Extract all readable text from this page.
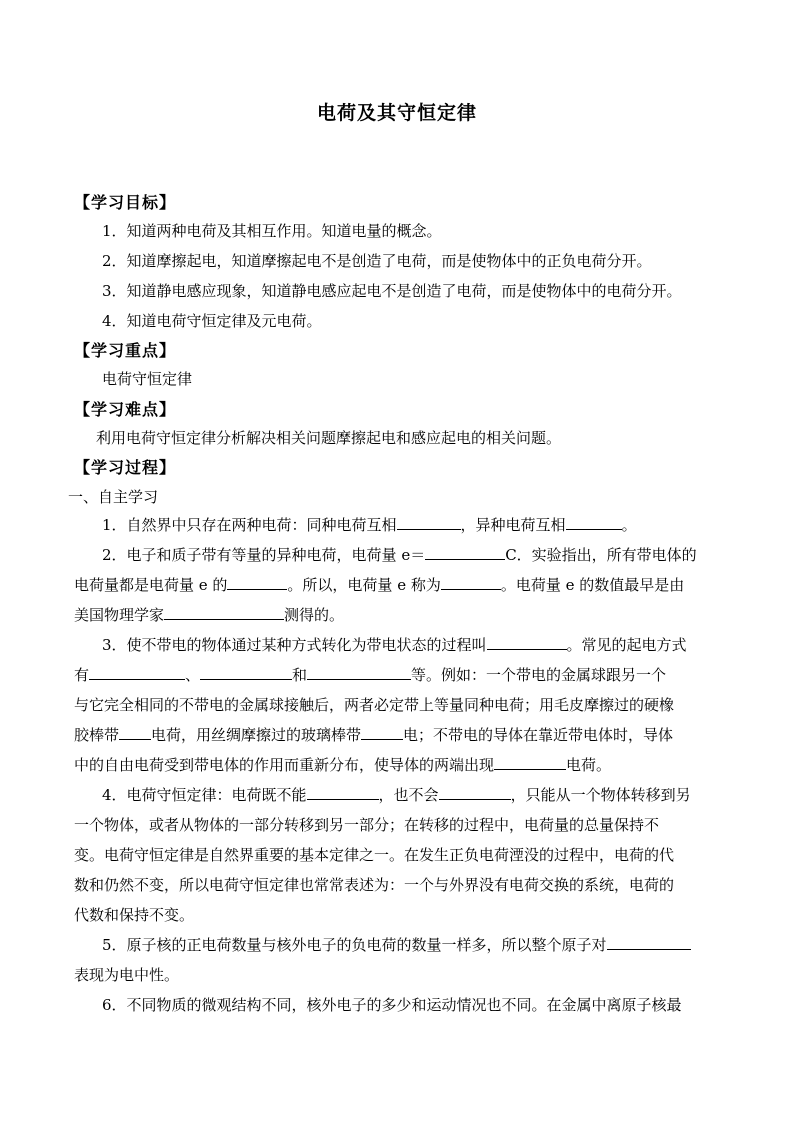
电荷及其守恒定律
【学习目标】
1．知道两种电荷及其相互作用。知道电量的概念。
2．知道摩擦起电，知道摩擦起电不是创造了电荷，而是使物体中的正负电荷分开。
3．知道静电感应现象，知道静电感应起电不是创造了电荷，而是使物体中的电荷分开。
4．知道电荷守恒定律及元电荷。
【学习重点】
电荷守恒定律
【学习难点】
利用电荷守恒定律分析解决相关问题摩擦起电和感应起电的相关问题。
【学习过程】
一、自主学习
1．自然界中只存在两种电荷：同种电荷互相	，异种电荷互相	。
2．电子和质子带有等量的异种电荷，电荷量 e＝	C．实验指出，所有带电体的
电荷量都是电荷量 e 的	。所以，电荷量 e 称为	。电荷量 e 的数值最早是由
美国物理学家	测得的。
3．使不带电的物体通过某种方式转化为带电状态的过程叫	。常见的起电方式
有	、	和	等。例如：一个带电的金属球跟另一个
与它完全相同的不带电的金属球接触后，两者必定带上等量同种电荷；用毛皮摩擦过的硬橡
胶棒带 电荷，用丝绸摩擦过的玻璃棒带	电；不带电的导体在靠近带电体时，导体
中的自由电荷受到带电体的作用而重新分布，使导体的两端出现	电荷。
4．电荷守恒定律：电荷既不能	，也不会	，只能从一个物体转移到另
一个物体，或者从物体的一部分转移到另一部分；在转移的过程中，电荷量的总量保持不
变。电荷守恒定律是自然界重要的基本定律之一。在发生正负电荷湮没的过程中，电荷的代
数和仍然不变，所以电荷守恒定律也常常表述为：一个与外界没有电荷交换的系统，电荷的
代数和保持不变。
5．原子核的正电荷数量与核外电子的负电荷的数量一样多，所以整个原子对
表现为电中性。
6．不同物质的微观结构不同，核外电子的多少和运动情况也不同。在金属中离原子核最
